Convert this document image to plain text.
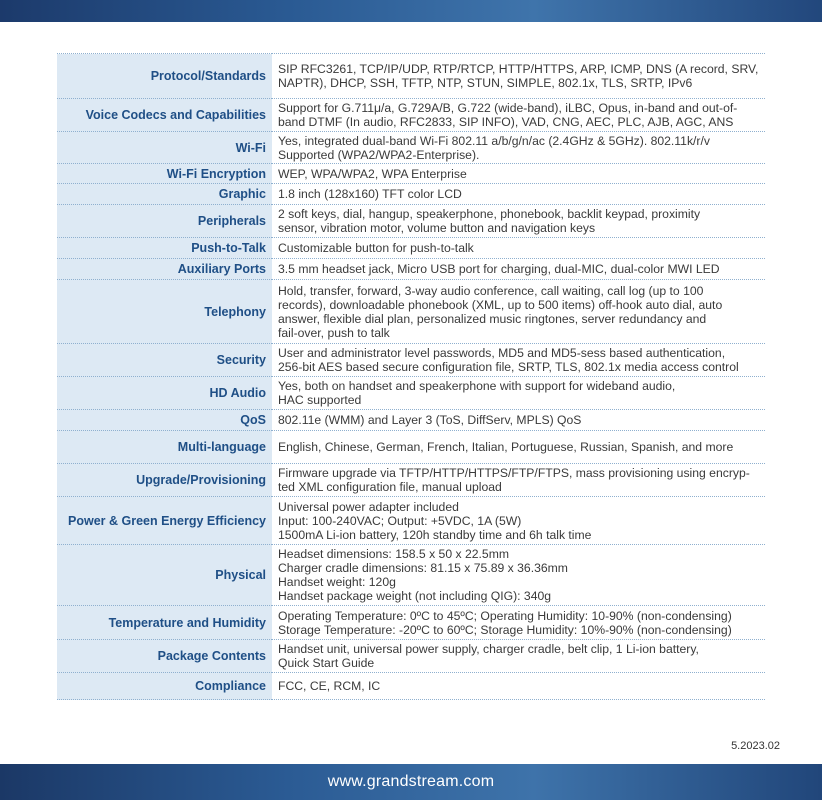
Protocol/Standards	SIP RFC3261, TCP/IP/UDP, RTP/RTCP, HTTP/HTTPS, ARP, ICMP, DNS (A record, SRV,
NAPTR), DHCP, SSH, TFTP, NTP, STUN, SIMPLE, 802.1x, TLS, SRTP, IPv6

Voice Codecs and Capabilities	Support for G.711μ/a, G.729A/B, G.722 (wide-band), iLBC, Opus, in-band and out-of-
band DTMF (In audio, RFC2833, SIP INFO), VAD, CNG, AEC, PLC, AJB, AGC, ANS

Wi-Fi	Yes, integrated dual-band Wi-Fi 802.11 a/b/g/n/ac (2.4GHz & 5GHz). 802.11k/r/v
Supported (WPA2/WPA2-Enterprise).

Wi-Fi Encryption	WEP, WPA/WPA2, WPA Enterprise

Graphic	1.8 inch (128x160) TFT color LCD

Peripherals	2 soft keys, dial, hangup, speakerphone, phonebook, backlit keypad, proximity
sensor, vibration motor, volume button and navigation keys

Push-to-Talk	Customizable button for push-to-talk

Auxiliary Ports	3.5 mm headset jack, Micro USB port for charging, dual-MIC, dual-color MWI LED

Telephony	Hold, transfer, forward, 3-way audio conference, call waiting, call log (up to 100
records), downloadable phonebook (XML, up to 500 items) off-hook auto dial, auto
answer, flexible dial plan, personalized music ringtones, server redundancy and
fail-over, push to talk

Security	User and administrator level passwords, MD5 and MD5-sess based authentication,
256-bit AES based secure configuration file, SRTP, TLS, 802.1x media access control

HD Audio	Yes, both on handset and speakerphone with support for wideband audio,
HAC supported

QoS	802.11e (WMM) and Layer 3 (ToS, DiffServ, MPLS) QoS

Multi-language	English, Chinese, German, French, Italian, Portuguese, Russian, Spanish, and more

Upgrade/Provisioning	Firmware upgrade via TFTP/HTTP/HTTPS/FTP/FTPS, mass provisioning using encryp-
ted XML configuration file, manual upload

Power & Green Energy Efficiency	Universal power adapter included
Input: 100-240VAC; Output: +5VDC, 1A (5W)
1500mA Li-ion battery, 120h standby time and 6h talk time

Physical	Headset dimensions: 158.5 x 50 x 22.5mm
Charger cradle dimensions: 81.15 x 75.89 x 36.36mm
Handset weight: 120g
Handset package weight (not including QIG): 340g

Temperature and Humidity	Operating Temperature: 0ºC to 45ºC; Operating Humidity: 10-90% (non-condensing)
Storage Temperature: -20ºC to 60ºC; Storage Humidity: 10%-90% (non-condensing)

Package Contents	Handset unit, universal power supply, charger cradle, belt clip, 1 Li-ion battery,
Quick Start Guide

Compliance	FCC, CE, RCM, IC
5.2023.02
www.grandstream.com
